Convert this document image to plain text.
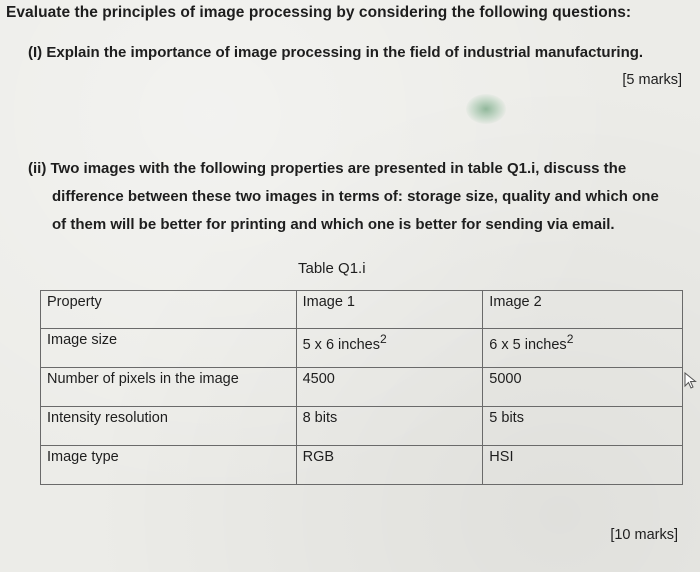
Evaluate the principles of image processing by considering the following questions:
(I) Explain the importance of image processing in the field of industrial manufacturing.
[5 marks]
(ii) Two images with the following properties are presented in table Q1.i, discuss the
difference between these two images in terms of: storage size, quality and which one
of them will be better for printing and which one is better for sending via email.
Table Q1.i
Property	Image 1	Image 2
Image size	5 x 6 inches$^2$	6 x 5 inches$^2$
Number of pixels in the image	4500	5000
Intensity resolution	8 bits	5 bits
Image type	RGB	HSI
[10 marks]
